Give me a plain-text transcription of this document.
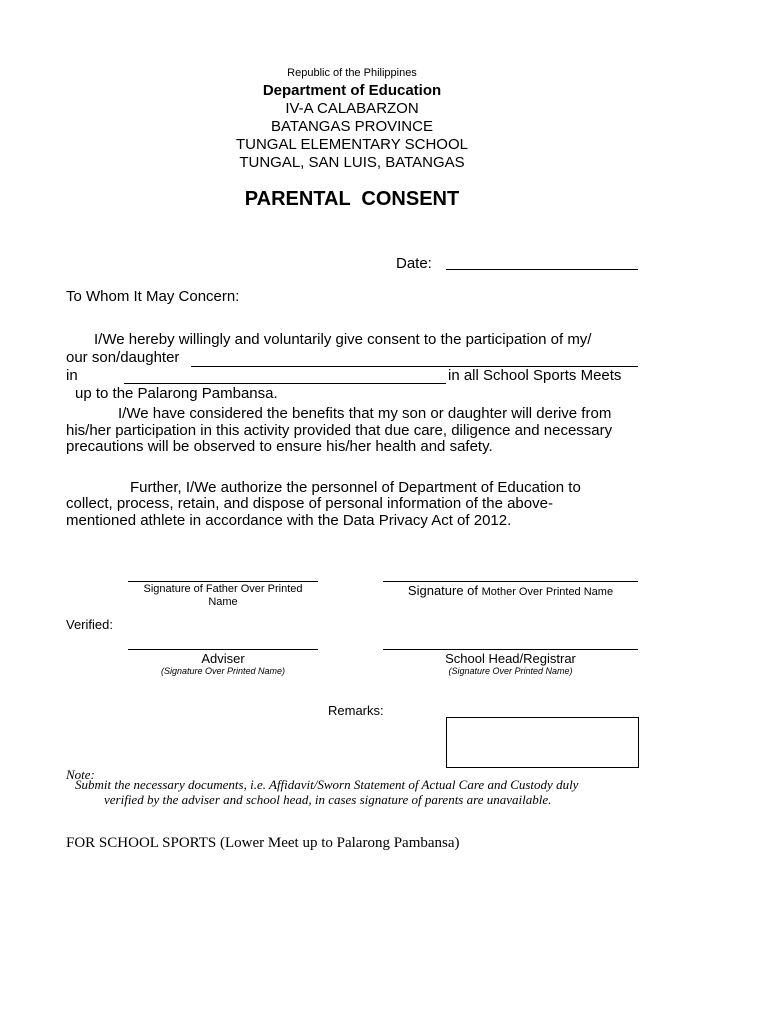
Republic of the Philippines
Department of Education
IV-A CALABARZON
BATANGAS PROVINCE
TUNGAL ELEMENTARY SCHOOL
TUNGAL, SAN LUIS, BATANGAS
PARENTAL  CONSENT
Date:
To Whom It May Concern:
I/We hereby willingly and voluntarily give consent to the participation of my/
our son/daughter
in	in all School Sports Meets
up to the Palarong Pambansa.
I/We have considered the benefits that my son or daughter will derive from
his/her participation in this activity provided that due care, diligence and necessary
precautions will be observed to ensure his/her health and safety.
Further, I/We authorize the personnel of Department of Education to
collect, process, retain, and dispose of personal information of the above-
mentioned athlete in accordance with the Data Privacy Act of 2012.
Signature of Father Over Printed
Name
Signature of Mother Over Printed Name
Verified:
Adviser
(Signature Over Printed Name)
School Head/Registrar
(Signature Over Printed Name)
Remarks:
Note:
Submit the necessary documents, i.e. Affidavit/Sworn Statement of Actual Care and Custody duly
verified by the adviser and school head, in cases signature of parents are unavailable.
FOR SCHOOL SPORTS (Lower Meet up to Palarong Pambansa)
